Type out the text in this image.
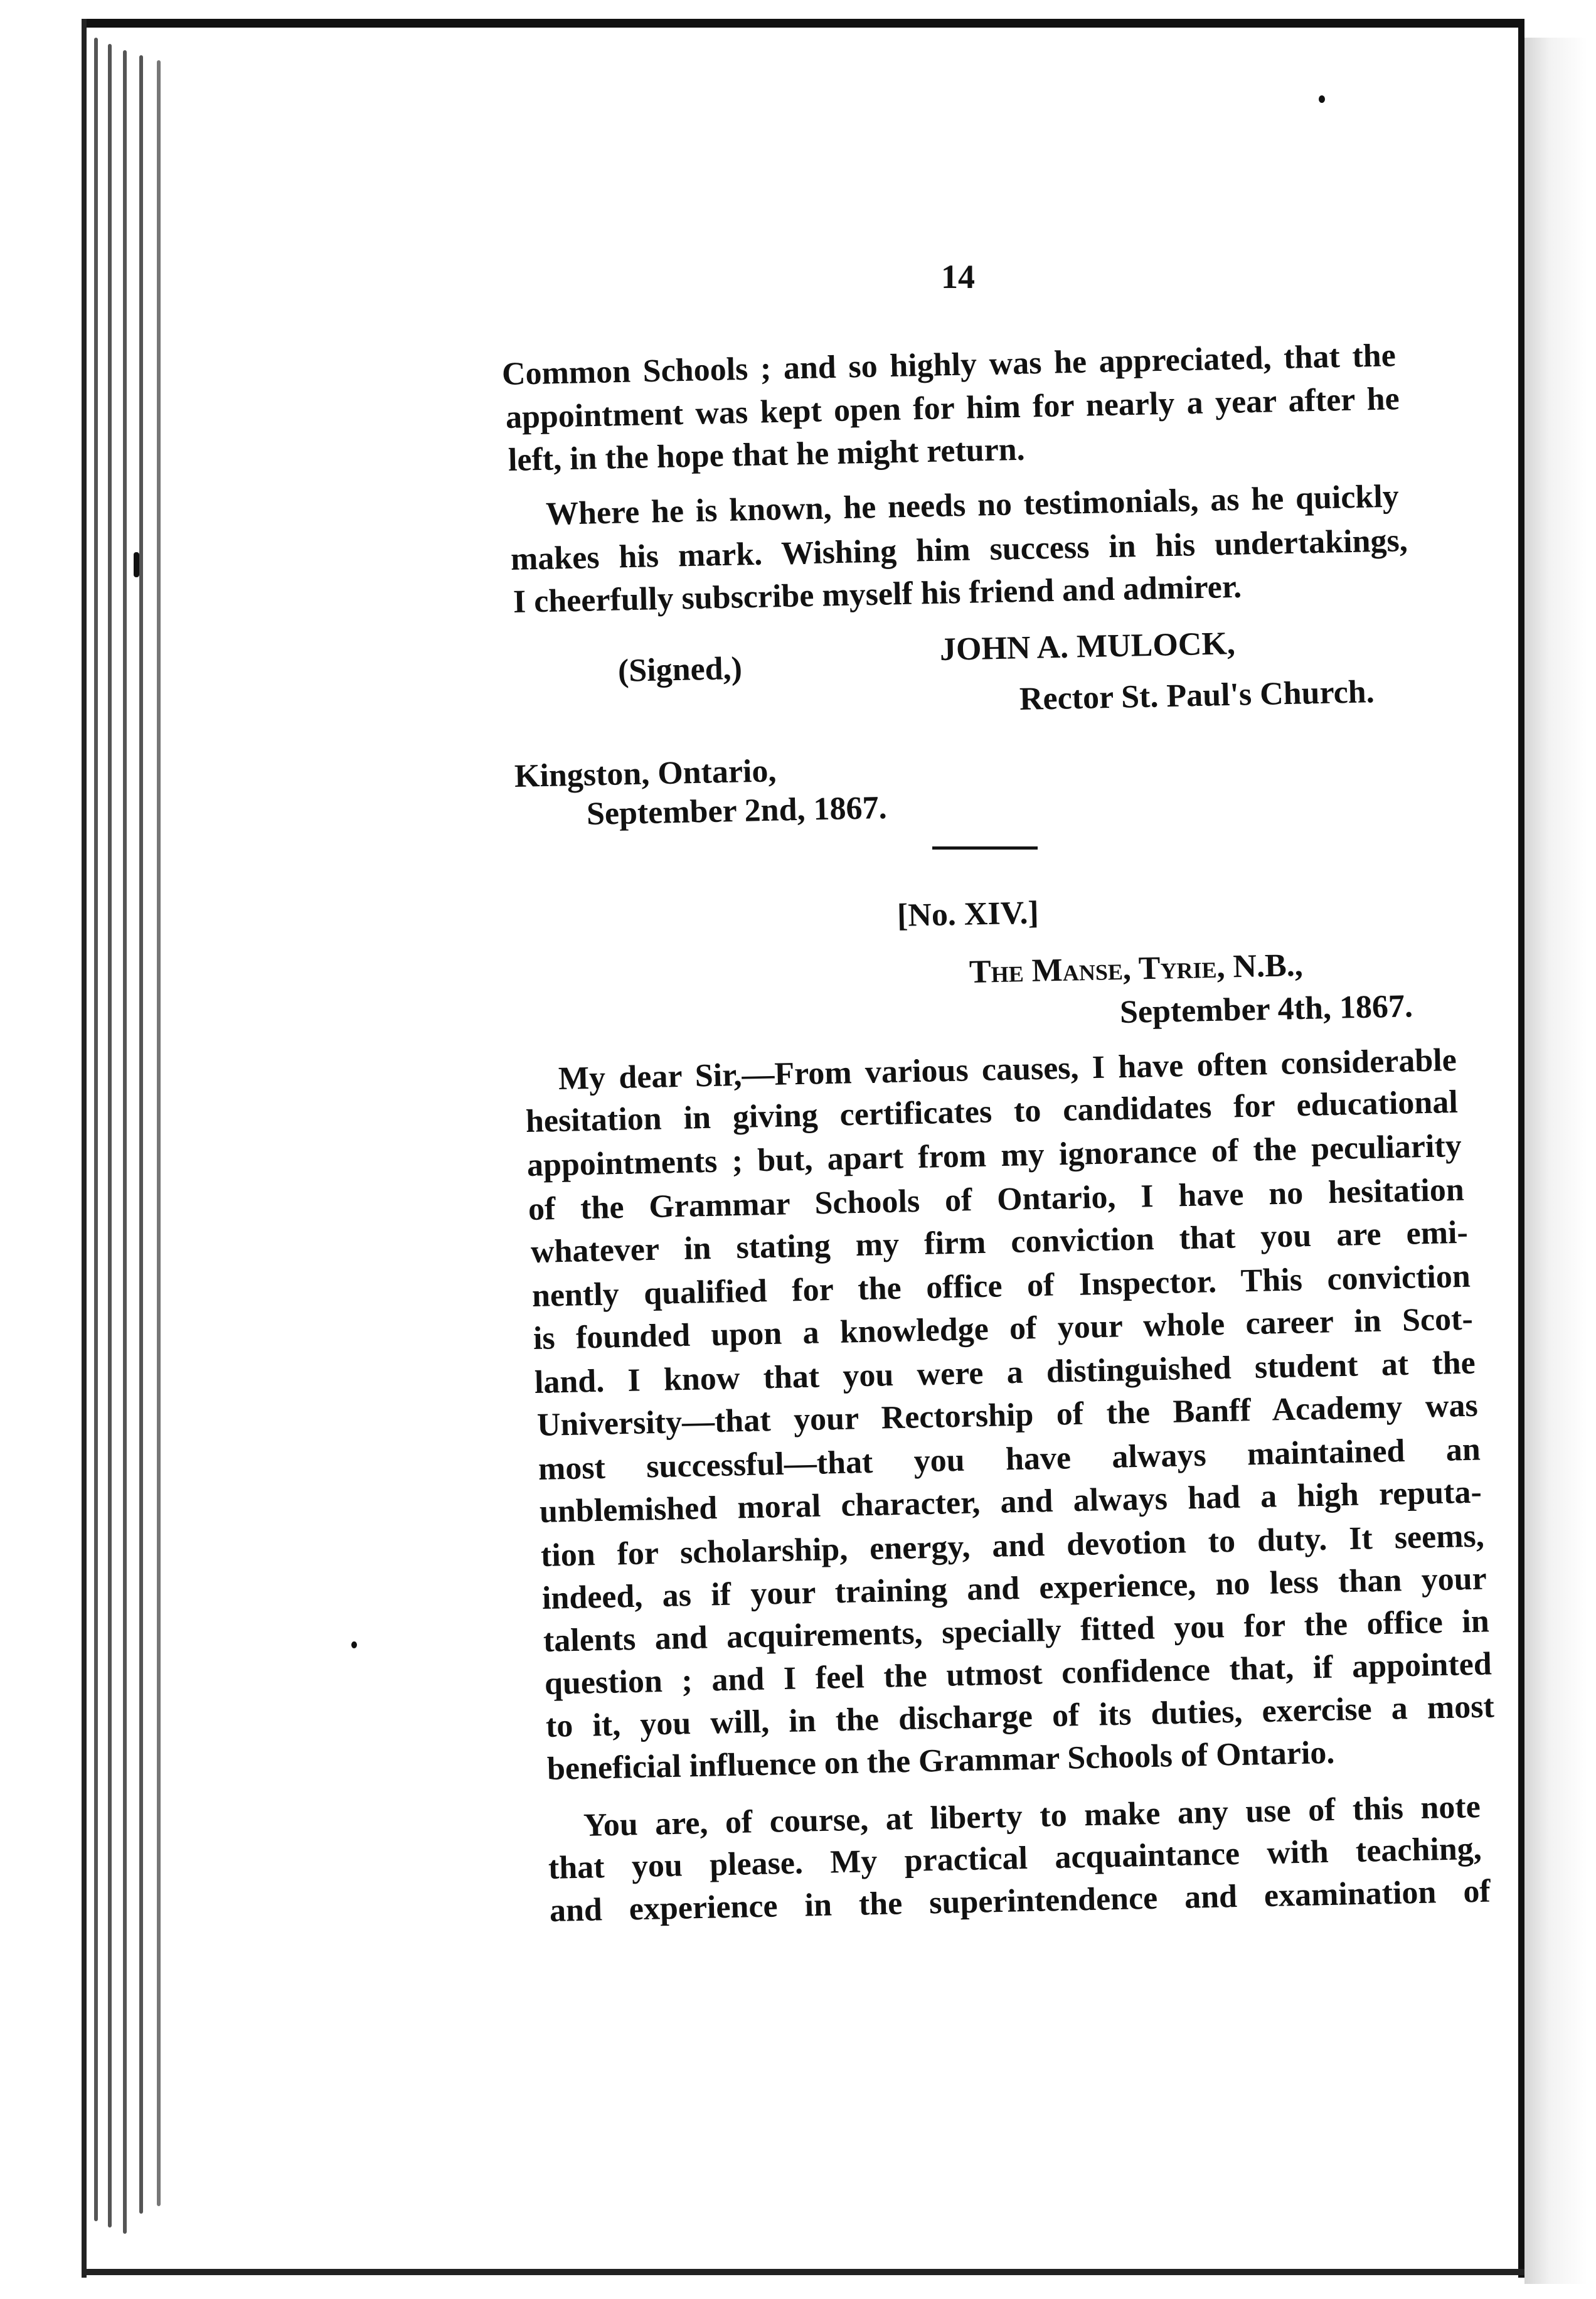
14

Common Schools ; and so highly was he appreciated, that the

appointment was kept open for him for nearly a year after he

left, in the hope that he might return.

Where he is known, he needs no testimonials, as he quickly

makes his mark. Wishing him success in his undertakings,

I cheerfully subscribe myself his friend and admirer.

(Signed,)

JOHN A. MULOCK,

Rector St. Paul's Church.

Kingston, Ontario,

September 2nd, 1867.

[No. XIV.]

The Manse, Tyrie, N.B.,

September 4th, 1867.

My dear Sir,—From various causes, I have often considerable

hesitation in giving certificates to candidates for educational

appointments ; but, apart from my ignorance of the peculiarity

of the Grammar Schools of Ontario, I have no hesitation

whatever in stating my firm conviction that you are emi-

nently qualified for the office of Inspector. This conviction

is founded upon a knowledge of your whole career in Scot-

land. I know that you were a distinguished student at the

University—that your Rectorship of the Banff Academy was

most successful—that you have always maintained an

unblemished moral character, and always had a high reputa-

tion for scholarship, energy, and devotion to duty. It seems,

indeed, as if your training and experience, no less than your

talents and acquirements, specially fitted you for the office in

question ; and I feel the utmost confidence that, if appointed

to it, you will, in the discharge of its duties, exercise a most

beneficial influence on the Grammar Schools of Ontario.

You are, of course, at liberty to make any use of this note

that you please. My practical acquaintance with teaching,

and experience in the superintendence and examination of
